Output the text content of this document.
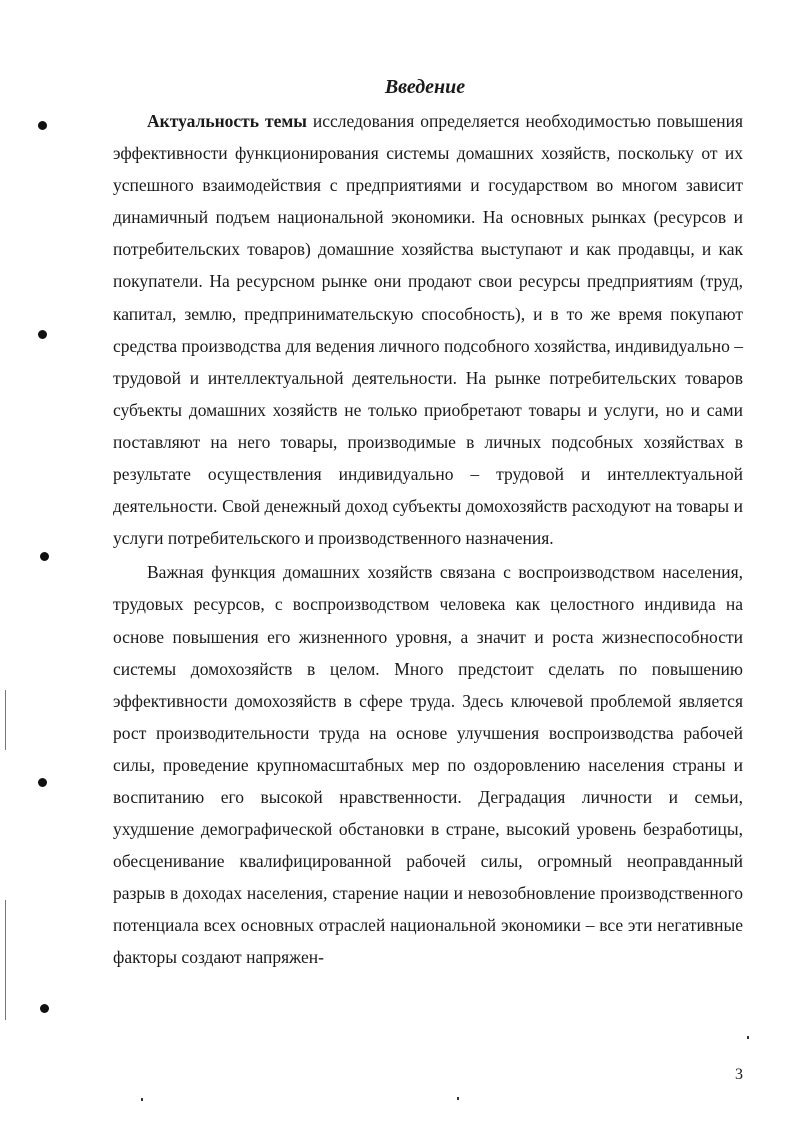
Введение

Актуальность темы исследования определяется необходимостью повышения эффективности функционирования системы домашних хозяйств, поскольку от их успешного взаимодействия с предприятиями и государством во многом зависит динамичный подъем национальной экономики. На основных рынках (ресурсов и потребительских товаров) домашние хозяйства выступают и как продавцы, и как покупатели. На ресурсном рынке они продают свои ресурсы предприятиям (труд, капитал, землю, предпринимательскую способность), и в то же время покупают средства производства для ведения личного подсобного хозяйства, индивидуально – трудовой и интеллектуальной деятельности. На рынке потребительских товаров субъекты домашних хозяйств не только приобретают товары и услуги, но и сами поставляют на него товары, производимые в личных подсобных хозяйствах в результате осуществления индивидуально – трудовой и интеллектуальной деятельности. Свой денежный доход субъекты домохозяйств расходуют на товары и услуги потребительского и производственного назначения.

Важная функция домашних хозяйств связана с воспроизводством населения, трудовых ресурсов, с воспроизводством человека как целостного индивида на основе повышения его жизненного уровня, а значит и роста жизнеспособности системы домохозяйств в целом. Много предстоит сделать по повышению эффективности домохозяйств в сфере труда. Здесь ключевой проблемой является рост производительности труда на основе улучшения воспроизводства рабочей силы, проведение крупномасштабных мер по оздоровлению населения страны и воспитанию его высокой нравственности. Деградация личности и семьи, ухудшение демографической обстановки в стране, высокий уровень безработицы, обесценивание квалифицированной рабочей силы, огромный неоправданный разрыв в доходах населения, старение нации и невозобновление производственного потенциала всех основных отраслей национальной экономики – все эти негативные факторы создают напряжен-

3
